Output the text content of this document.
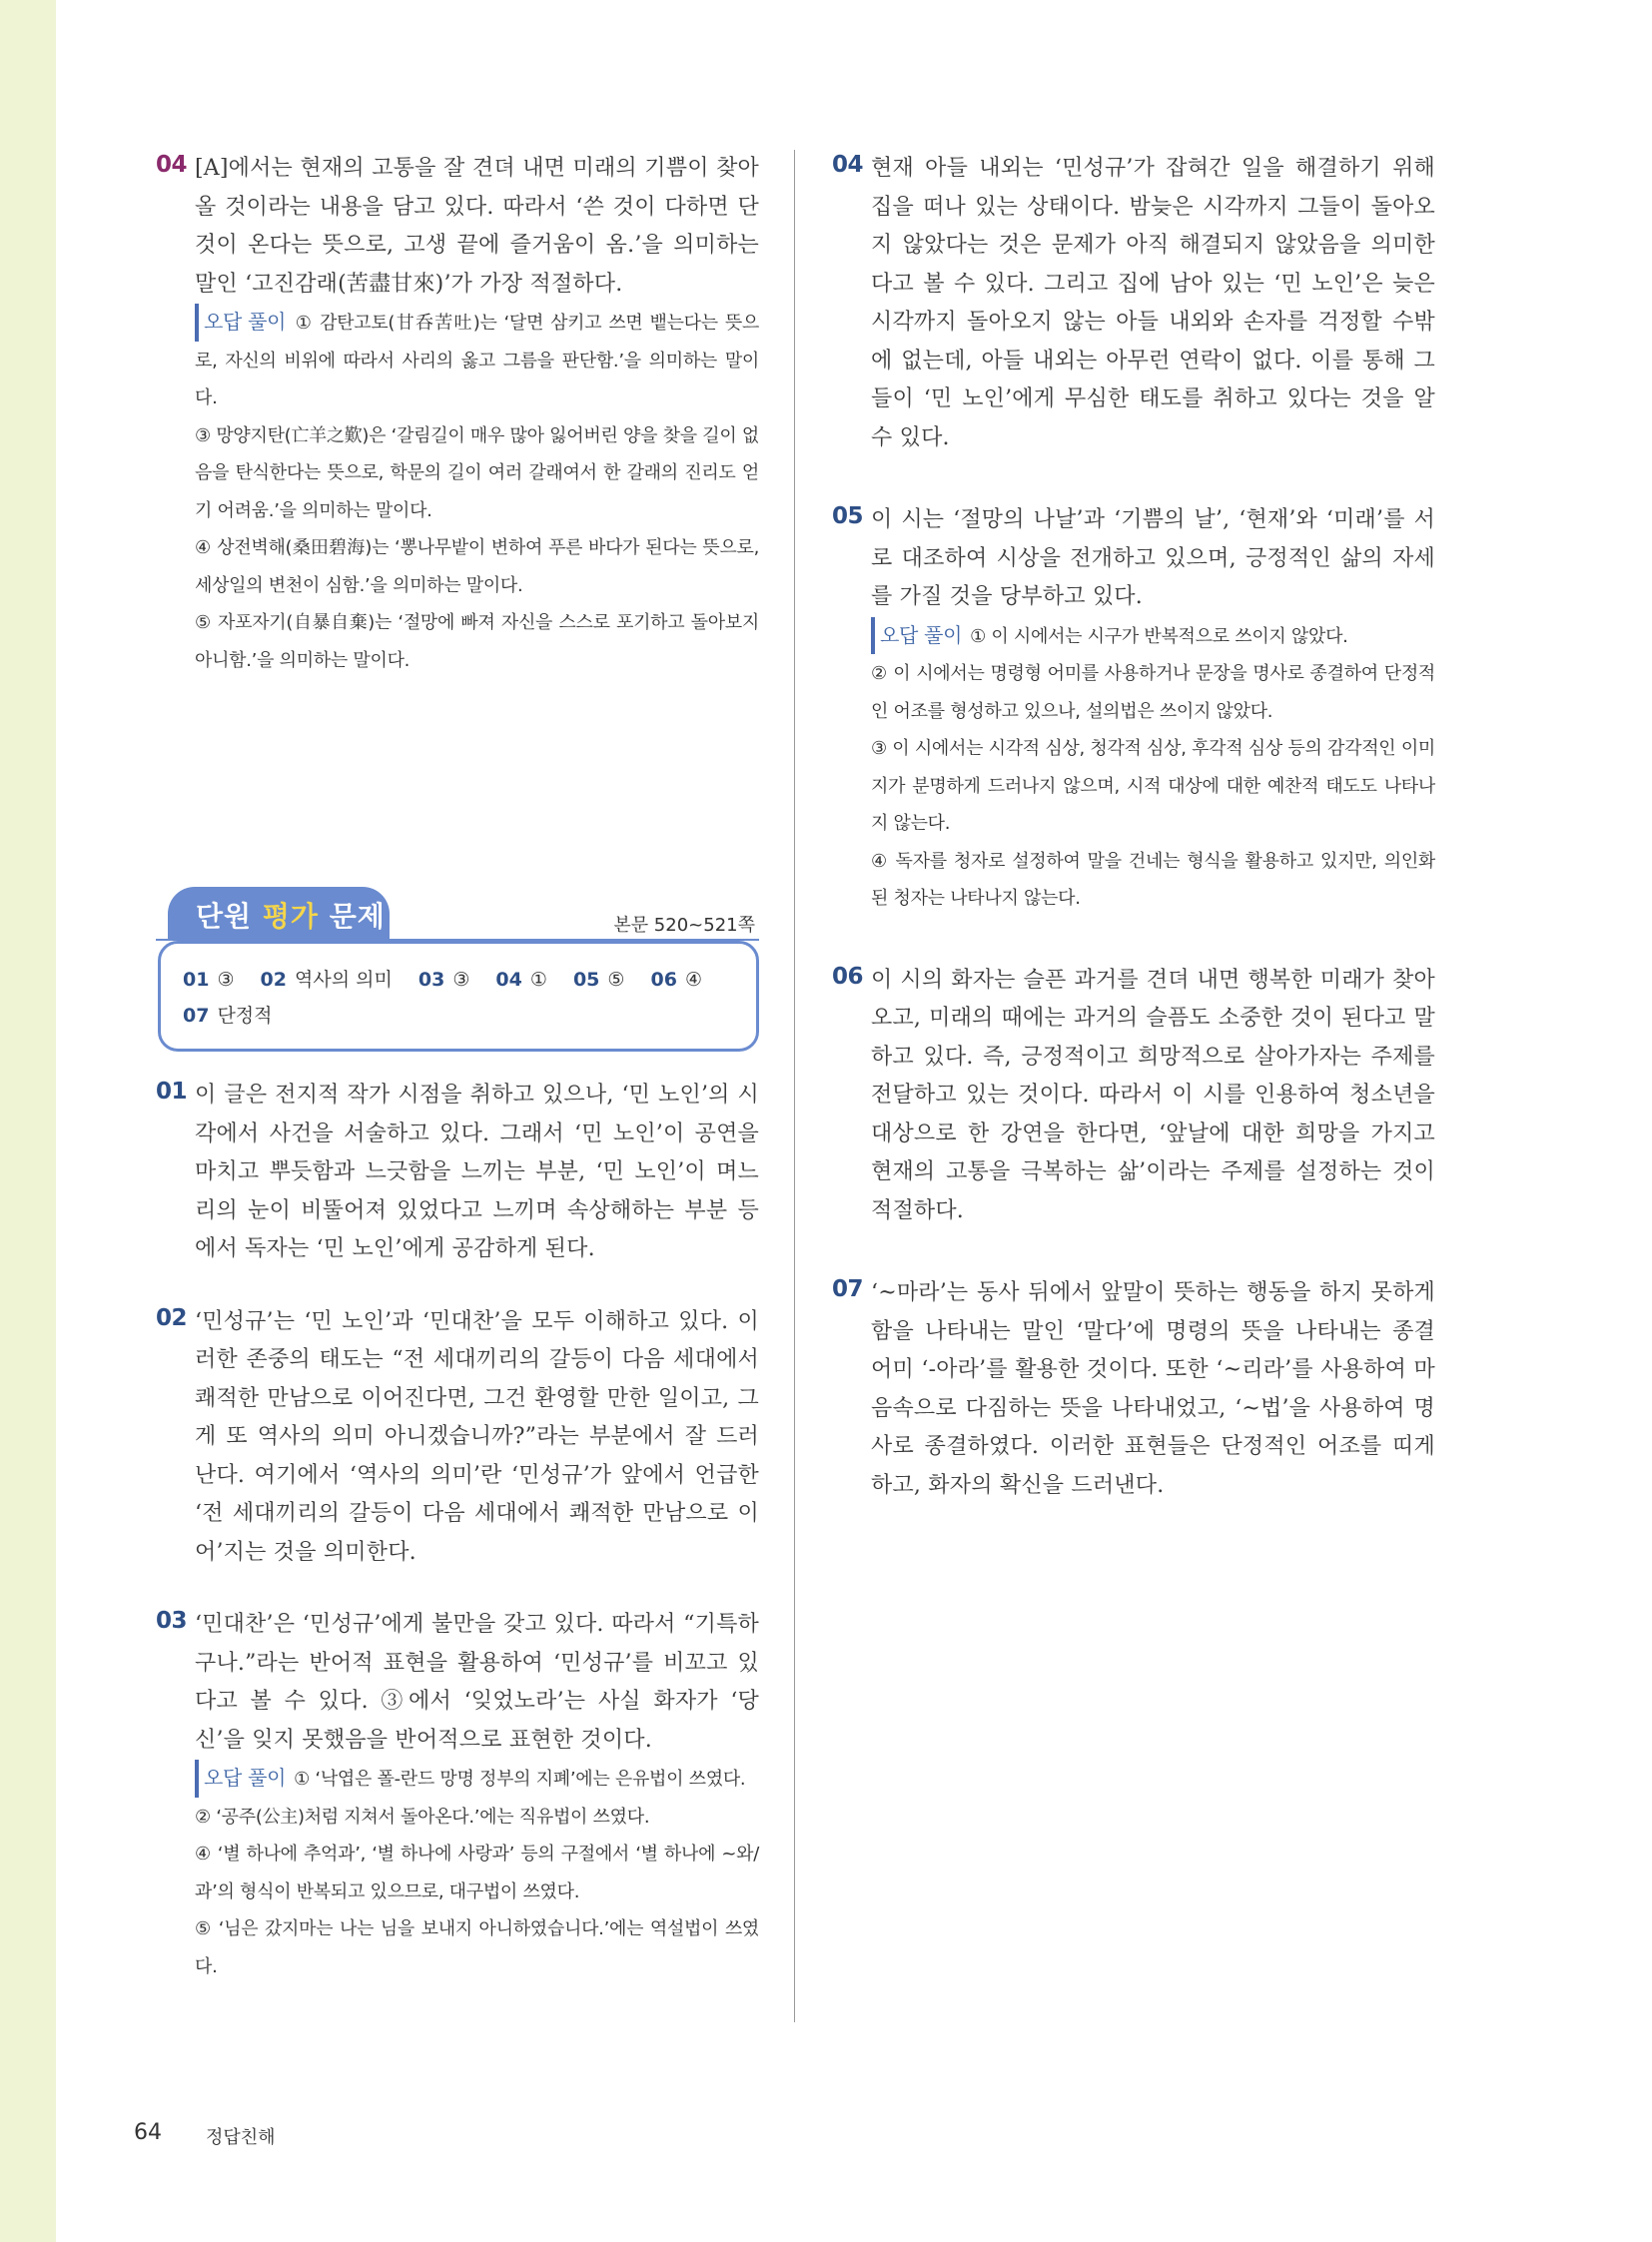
04 [A]에서는 현재의 고통을 잘 견뎌 내면 미래의 기쁨이 찾아올 것이라는 내용을 담고 있다. 따라서 ‘쓴 것이 다하면 단 것이 온다는 뜻으로, 고생 끝에 즐거움이 옴.’을 의미하는 말인 ‘고진감래(苦盡甘來)’가 가장 적절하다.

오답 풀이 ① 감탄고토(甘呑苦吐)는 ‘달면 삼키고 쓰면 뱉는다는 뜻으로, 자신의 비위에 따라서 사리의 옳고 그름을 판단함.’을 의미하는 말이다.

③ 망양지탄(亡羊之歎)은 ‘갈림길이 매우 많아 잃어버린 양을 찾을 길이 없음을 탄식한다는 뜻으로, 학문의 길이 여러 갈래여서 한 갈래의 진리도 얻기 어려움.’을 의미하는 말이다.

④ 상전벽해(桑田碧海)는 ‘뽕나무밭이 변하여 푸른 바다가 된다는 뜻으로, 세상일의 변천이 심함.’을 의미하는 말이다.

⑤ 자포자기(自暴自棄)는 ‘절망에 빠져 자신을 스스로 포기하고 돌아보지 아니함.’을 의미하는 말이다.

단원 평가 문제	본문 520~521쪽
01 ③ 02 역사의 의미 03 ③ 04 ① 05 ⑤ 06 ④
07 단정적
01 이 글은 전지적 작가 시점을 취하고 있으나, ‘민 노인’의 시각에서 사건을 서술하고 있다. 그래서 ‘민 노인’이 공연을 마치고 뿌듯함과 느긋함을 느끼는 부분, ‘민 노인’이 며느리의 눈이 비뚤어져 있었다고 느끼며 속상해하는 부분 등에서 독자는 ‘민 노인’에게 공감하게 된다.
02 ‘민성규’는 ‘민 노인’과 ‘민대찬’을 모두 이해하고 있다. 이러한 존중의 태도는 “전 세대끼리의 갈등이 다음 세대에서 쾌적한 만남으로 이어진다면, 그건 환영할 만한 일이고, 그게 또 역사의 의미 아니겠습니까?”라는 부분에서 잘 드러난다. 여기에서 ‘역사의 의미’란 ‘민성규’가 앞에서 언급한 ‘전 세대끼리의 갈등이 다음 세대에서 쾌적한 만남으로 이어’지는 것을 의미한다.
03 ‘민대찬’은 ‘민성규’에게 불만을 갖고 있다. 따라서 “기특하구나.”라는 반어적 표현을 활용하여 ‘민성규’를 비꼬고 있다고 볼 수 있다. ③에서 ‘잊었노라’는 사실 화자가 ‘당신’을 잊지 못했음을 반어적으로 표현한 것이다.

오답 풀이 ① ‘낙엽은 폴-란드 망명 정부의 지폐’에는 은유법이 쓰였다.

② ‘공주(公主)처럼 지쳐서 돌아온다.’에는 직유법이 쓰였다.

④ ‘별 하나에 추억과’, ‘별 하나에 사랑과’ 등의 구절에서 ‘별 하나에 ~와/과’의 형식이 반복되고 있으므로, 대구법이 쓰였다.

⑤ ‘님은 갔지마는 나는 님을 보내지 아니하였습니다.’에는 역설법이 쓰였다.

04 현재 아들 내외는 ‘민성규’가 잡혀간 일을 해결하기 위해 집을 떠나 있는 상태이다. 밤늦은 시각까지 그들이 돌아오지 않았다는 것은 문제가 아직 해결되지 않았음을 의미한다고 볼 수 있다. 그리고 집에 남아 있는 ‘민 노인’은 늦은 시각까지 돌아오지 않는 아들 내외와 손자를 걱정할 수밖에 없는데, 아들 내외는 아무런 연락이 없다. 이를 통해 그들이 ‘민 노인’에게 무심한 태도를 취하고 있다는 것을 알 수 있다.
05 이 시는 ‘절망의 나날’과 ‘기쁨의 날’, ‘현재’와 ‘미래’를 서로 대조하여 시상을 전개하고 있으며, 긍정적인 삶의 자세를 가질 것을 당부하고 있다.

오답 풀이 ① 이 시에서는 시구가 반복적으로 쓰이지 않았다.

② 이 시에서는 명령형 어미를 사용하거나 문장을 명사로 종결하여 단정적인 어조를 형성하고 있으나, 설의법은 쓰이지 않았다.

③ 이 시에서는 시각적 심상, 청각적 심상, 후각적 심상 등의 감각적인 이미지가 분명하게 드러나지 않으며, 시적 대상에 대한 예찬적 태도도 나타나지 않는다.

④ 독자를 청자로 설정하여 말을 건네는 형식을 활용하고 있지만, 의인화된 청자는 나타나지 않는다.

06 이 시의 화자는 슬픈 과거를 견뎌 내면 행복한 미래가 찾아오고, 미래의 때에는 과거의 슬픔도 소중한 것이 된다고 말하고 있다. 즉, 긍정적이고 희망적으로 살아가자는 주제를 전달하고 있는 것이다. 따라서 이 시를 인용하여 청소년을 대상으로 한 강연을 한다면, ‘앞날에 대한 희망을 가지고 현재의 고통을 극복하는 삶’이라는 주제를 설정하는 것이 적절하다.
07 ‘~마라’는 동사 뒤에서 앞말이 뜻하는 행동을 하지 못하게 함을 나타내는 말인 ‘말다’에 명령의 뜻을 나타내는 종결 어미 ‘-아라’를 활용한 것이다. 또한 ‘~리라’를 사용하여 마음속으로 다짐하는 뜻을 나타내었고, ‘~법’을 사용하여 명사로 종결하였다. 이러한 표현들은 단정적인 어조를 띠게 하고, 화자의 확신을 드러낸다.
64 정답친해
